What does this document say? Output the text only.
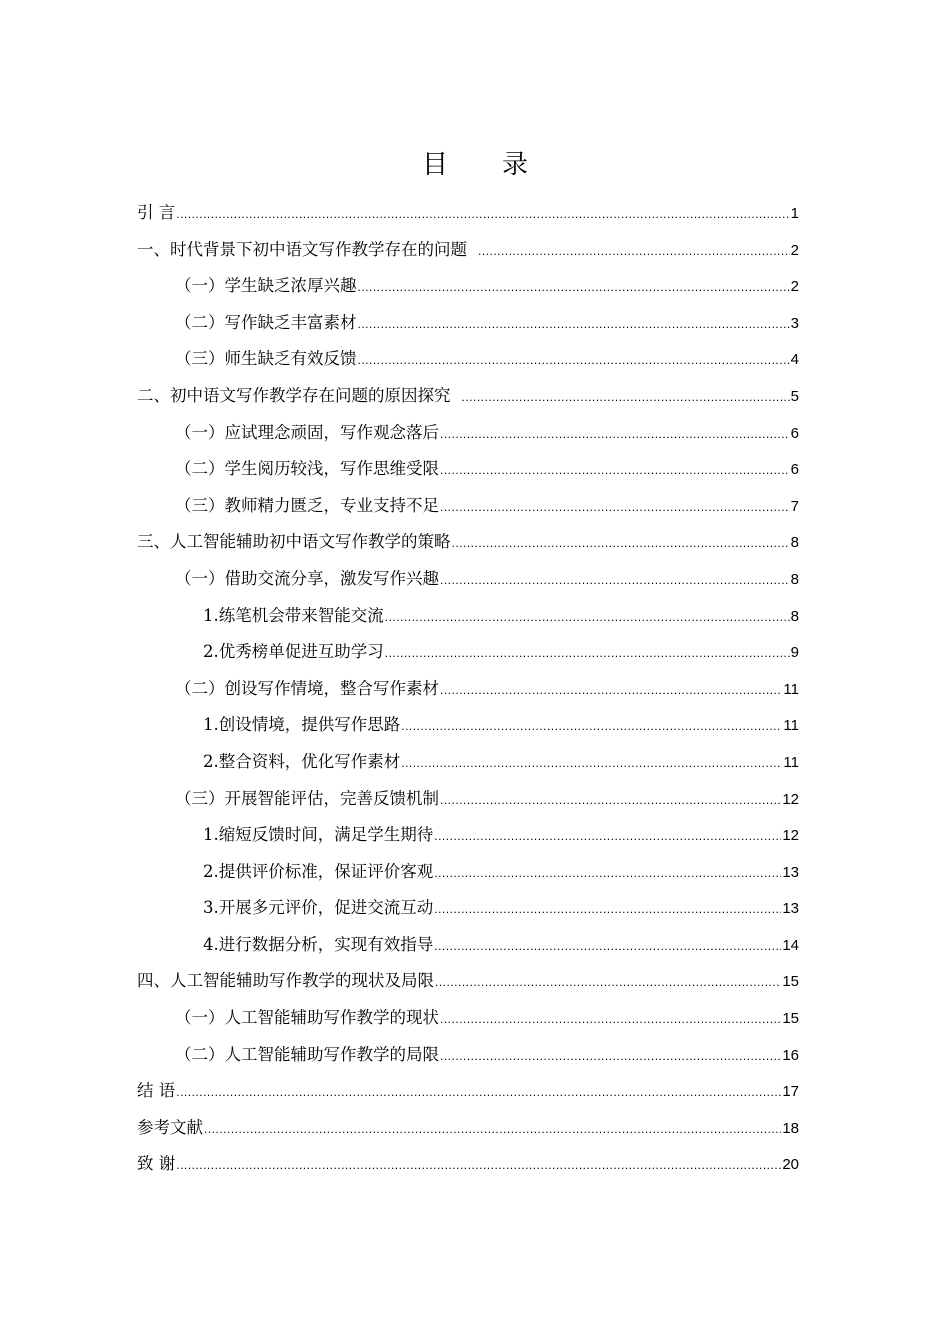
目　录
引 言 .....	1
一、时代背景下初中语文写作教学存在的问题 .....	2
（一）学生缺乏浓厚兴趣 .....	2
（二）写作缺乏丰富素材 .....	3
（三）师生缺乏有效反馈 .....	4
二、初中语文写作教学存在问题的原因探究 .....	5
（一）应试理念顽固，写作观念落后 .....	6
（二）学生阅历较浅，写作思维受限 .....	6
（三）教师精力匮乏，专业支持不足 .....	7
三、人工智能辅助初中语文写作教学的策略 .....	8
（一）借助交流分享，激发写作兴趣 .....	8
1.练笔机会带来智能交流 .....	8
2.优秀榜单促进互助学习 .....	9
（二）创设写作情境，整合写作素材 .....	11
1.创设情境，提供写作思路 .....	11
2.整合资料，优化写作素材 .....	11
（三）开展智能评估，完善反馈机制 .....	12
1.缩短反馈时间，满足学生期待 .....	12
2.提供评价标准，保证评价客观 .....	13
3.开展多元评价，促进交流互动 .....	13
4.进行数据分析，实现有效指导 .....	14
四、人工智能辅助写作教学的现状及局限 .....	15
（一）人工智能辅助写作教学的现状 .....	15
（二）人工智能辅助写作教学的局限 .....	16
结 语 .....	17
参考文献 .....	18
致 谢 .....	20
